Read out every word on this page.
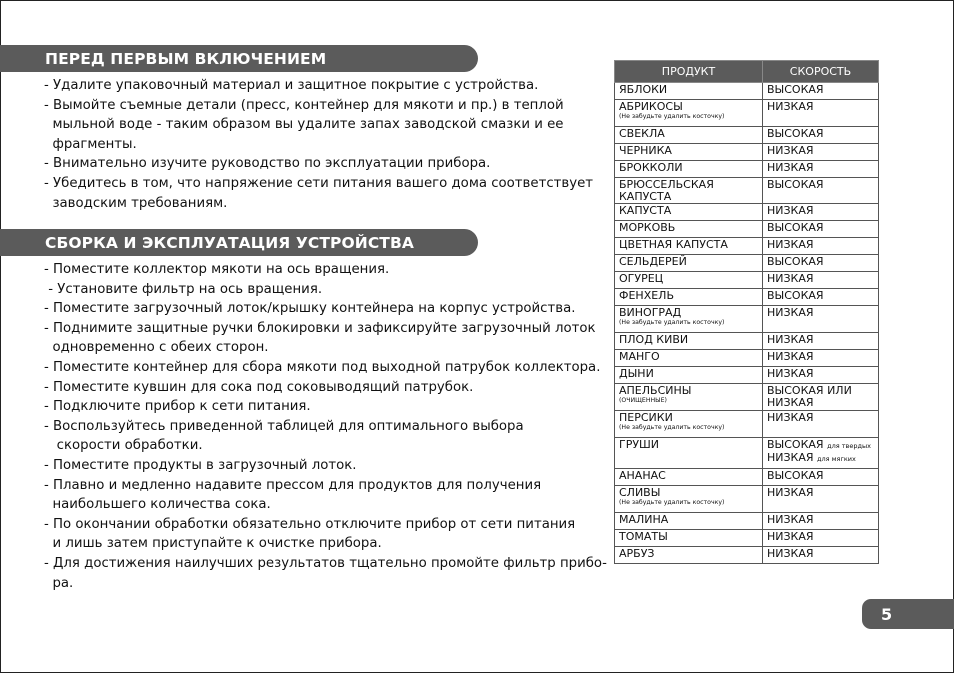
ПЕРЕД ПЕРВЫМ ВКЛЮЧЕНИЕМ
- Удалите упаковочный материал и защитное покрытие с устройства.
- Вымойте съемные детали (пресс, контейнер для мякоти и пр.) в теплой
мыльной воде - таким образом вы удалите запах заводской смазки и ее
фрагменты.
- Внимательно изучите руководство по эксплуатации прибора.
- Убедитесь в том, что напряжение сети питания вашего дома соответствует
заводским требованиям.
СБОРКА И ЭКСПЛУАТАЦИЯ УСТРОЙСТВА
- Поместите коллектор мякоти на ось вращения.
- Установите фильтр на ось вращения.
- Поместите загрузочный лоток/крышку контейнера на корпус устройства.
- Поднимите защитные ручки блокировки и зафиксируйте загрузочный лоток
одновременно с обеих сторон.
- Поместите контейнер для сбора мякоти под выходной патрубок коллектора.
- Поместите кувшин для сока под соковыводящий патрубок.
- Подключите прибор к сети питания.
- Воспользуйтесь приведенной таблицей для оптимального выбора
скорости обработки.
- Поместите продукты в загрузочный лоток.
- Плавно и медленно надавите прессом для продуктов для получения
наибольшего количества сока.
- По окончании обработки обязательно отключите прибор от сети питания
и лишь затем приступайте к очистке прибора.
- Для достижения наилучших результатов тщательно промойте фильтр прибо-
ра.
ПРОДУКТ	СКОРОСТЬ
ЯБЛОКИ	ВЫСОКАЯ
АБРИКОСЫ
(Не забудьте удалить косточку)	НИЗКАЯ
СВЕКЛА	ВЫСОКАЯ
ЧЕРНИКА	НИЗКАЯ
БРОККОЛИ	НИЗКАЯ
БРЮССЕЛЬСКАЯ КАПУСТА	ВЫСОКАЯ
КАПУСТА	НИЗКАЯ
МОРКОВЬ	ВЫСОКАЯ
ЦВЕТНАЯ КАПУСТА	НИЗКАЯ
СЕЛЬДЕРЕЙ	ВЫСОКАЯ
ОГУРЕЦ	НИЗКАЯ
ФЕНХЕЛЬ	ВЫСОКАЯ
ВИНОГРАД
(Не забудьте удалить косточку)	НИЗКАЯ
ПЛОД КИВИ	НИЗКАЯ
МАНГО	НИЗКАЯ
ДЫНИ	НИЗКАЯ
АПЕЛЬСИНЫ
(ОЧИЩЕННЫЕ)	ВЫСОКАЯ ИЛИ
НИЗКАЯ
ПЕРСИКИ
(Не забудьте удалить косточку)	НИЗКАЯ
ГРУШИ	ВЫСОКАЯ для твердых
НИЗКАЯ для мягких
АНАНАС	ВЫСОКАЯ
СЛИВЫ
(Не забудьте удалить косточку)	НИЗКАЯ
МАЛИНА	НИЗКАЯ
ТОМАТЫ	НИЗКАЯ
АРБУЗ	НИЗКАЯ
5
